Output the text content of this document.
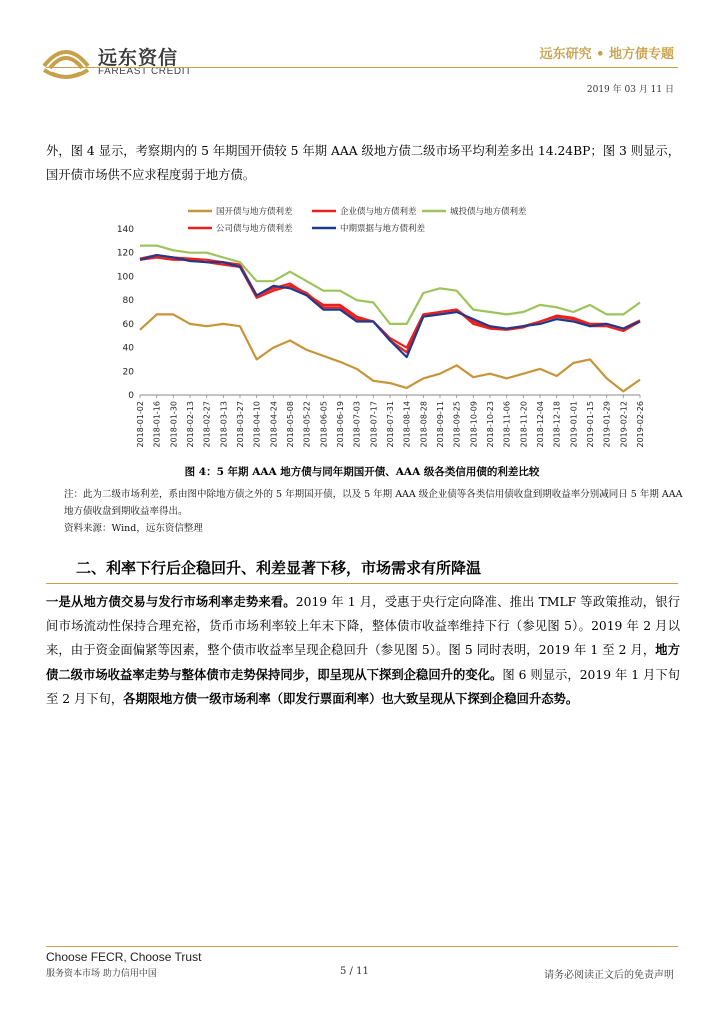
远东资信
FAREAST CREDIT
远东研究 • 地方债专题
2019 年 03 月 11 日
外，图 4 显示，考察期内的 5 年期国开债较 5 年期 AAA 级地方债二级市场平均利差多出 14.24BP；图 3 则显示，国开债市场供不应求程度弱于地方债。
国开债与地方债利差	企业债与地方债利差	城投债与地方债利差
公司债与地方债利差	中期票据与地方债利差
0
20
40
60
80
100
120
140
2018-01-02 2018-01-16 2018-01-30 2018-02-13 2018-02-27 2018-03-13 2018-03-27 2018-04-10 2018-04-24 2018-05-08 2018-05-22 2018-06-05 2018-06-19 2018-07-03 2018-07-17 2018-07-31 2018-08-14 2018-08-28 2018-09-11 2018-09-25 2018-10-09 2018-10-23 2018-11-06 2018-11-20 2018-12-04 2018-12-18 2019-01-01 2019-01-15 2019-01-29 2019-02-12 2019-02-26
图 4：5 年期 AAA 地方债与同年期国开债、AAA 级各类信用债的利差比较
注：此为二级市场利差，系由图中除地方债之外的 5 年期国开债，以及 5 年期 AAA 级企业债等各类信用债收盘到期收益率分别减同日 5 年期 AAA 地方债收盘到期收益率得出。
资料来源：Wind，远东资信整理
二、利率下行后企稳回升、利差显著下移，市场需求有所降温
一是从地方债交易与发行市场利率走势来看。2019 年 1 月，受惠于央行定向降准、推出 TMLF 等政策推动，银行间市场流动性保持合理充裕，货币市场利率较上年末下降，整体债市收益率维持下行（参见图 5）。2019 年 2 月以来，由于资金面偏紧等因素，整个债市收益率呈现企稳回升（参见图 5）。图 5 同时表明，2019 年 1 至 2 月，地方债二级市场收益率走势与整体债市走势保持同步，即呈现从下探到企稳回升的变化。图 6 则显示，2019 年 1 月下旬至 2 月下旬，各期限地方债一级市场利率（即发行票面利率）也大致呈现从下探到企稳回升态势。
Choose FECR, Choose Trust
服务资本市场 助力信用中国	5 / 11	请务必阅读正文后的免责声明
